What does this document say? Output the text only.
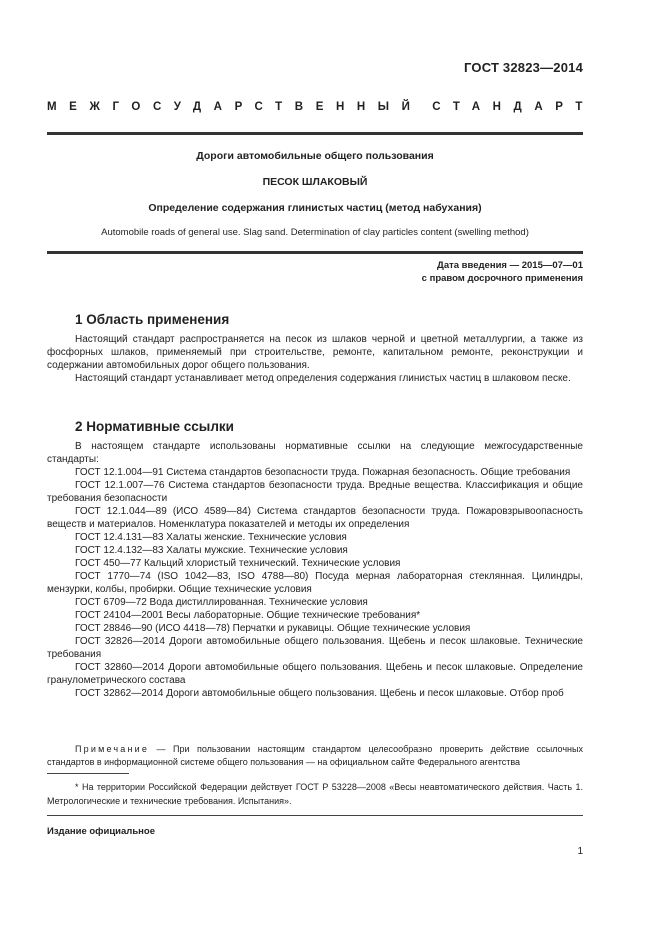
ГОСТ 32823—2014
МЕЖГОСУДАРСТВЕННЫЙ СТАНДАРТ
Дороги автомобильные общего пользования
ПЕСОК ШЛАКОВЫЙ
Определение содержания глинистых частиц (метод набухания)
Automobile roads of general use. Slag sand. Determination of clay particles content (swelling method)
Дата введения — 2015—07—01
с правом досрочного применения
1 Область применения

Настоящий стандарт распространяется на песок из шлаков черной и цветной металлургии, а также из фосфорных шлаков, применяемый при строительстве, ремонте, капитальном ремонте, реконструкции и содержании автомобильных дорог общего пользования.

Настоящий стандарт устанавливает метод определения содержания глинистых частиц в шлаковом песке.

2 Нормативные ссылки

В настоящем стандарте использованы нормативные ссылки на следующие межгосударственные стандарты:

ГОСТ 12.1.004—91 Система стандартов безопасности труда. Пожарная безопасность. Общие требования

ГОСТ 12.1.007—76 Система стандартов безопасности труда. Вредные вещества. Классификация и общие требования безопасности

ГОСТ 12.1.044—89 (ИСО 4589—84) Система стандартов безопасности труда. Пожаровзрывоопасность веществ и материалов. Номенклатура показателей и методы их определения

ГОСТ 12.4.131—83 Халаты женские. Технические условия

ГОСТ 12.4.132—83 Халаты мужские. Технические условия

ГОСТ 450—77 Кальций хлористый технический. Технические условия

ГОСТ 1770—74 (ISO 1042—83, ISO 4788—80) Посуда мерная лабораторная стеклянная. Цилиндры, мензурки, колбы, пробирки. Общие технические условия

ГОСТ 6709—72 Вода дистиллированная. Технические условия

ГОСТ 24104—2001 Весы лабораторные. Общие технические требования*

ГОСТ 28846—90 (ИСО 4418—78) Перчатки и рукавицы. Общие технические условия

ГОСТ 32826—2014 Дороги автомобильные общего пользования. Щебень и песок шлаковые. Технические требования

ГОСТ 32860—2014 Дороги автомобильные общего пользования. Щебень и песок шлаковые. Определение гранулометрического состава

ГОСТ 32862—2014 Дороги автомобильные общего пользования. Щебень и песок шлаковые. Отбор проб

Примечание — При пользовании настоящим стандартом целесообразно проверить действие ссылочных стандартов в информационной системе общего пользования — на официальном сайте Федерального агентства
* На территории Российской Федерации действует ГОСТ Р 53228—2008 «Весы неавтоматического действия. Часть 1. Метрологические и технические требования. Испытания».
Издание официальное
1
